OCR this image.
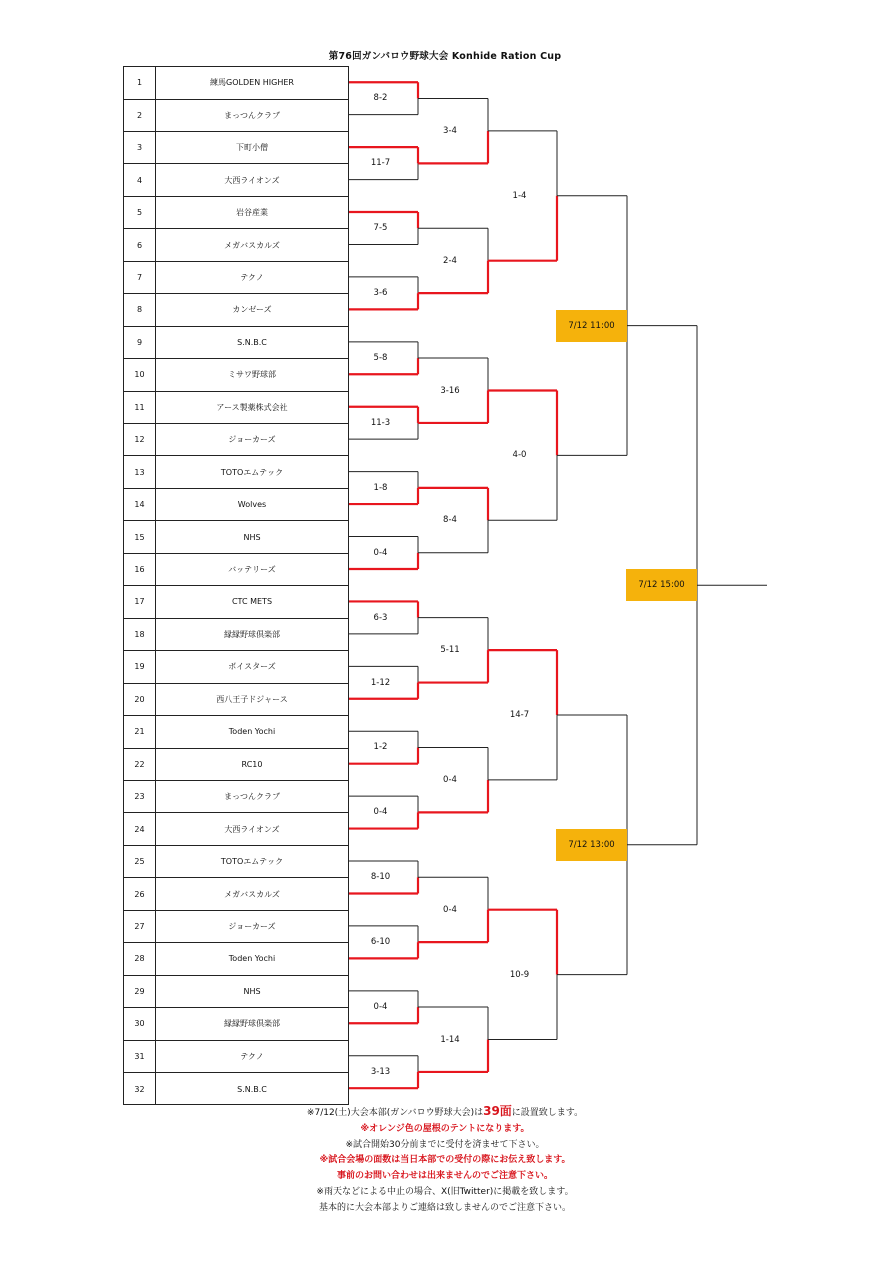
第76回ガンバロウ野球大会 Konhide Ration Cup
1	練馬GOLDEN HIGHER
2	まっつんクラブ
3	下町小僧
4	大西ライオンズ
5	岩谷産業
6	メガバスカルズ
7	テクノ
8	カンゼーズ
9	S.N.B.C
10	ミサワ野球部
11	アース製薬株式会社
12	ジョーカーズ
13	TOTOエムテック
14	Wolves
15	NHS
16	バッテリーズ
17	CTC METS
18	縁縁野球倶楽部
19	ボイスターズ
20	西八王子ドジャース
21	Toden Yochi
22	RC10
23	まっつんクラブ
24	大西ライオンズ
25	TOTOエムテック
26	メガバスカルズ
27	ジョーカーズ
28	Toden Yochi
29	NHS
30	縁縁野球倶楽部
31	テクノ
32	S.N.B.C
8-2
11-7
7-5
3-6
5-8
11-3
1-8
0-4
6-3
1-12
1-2
0-4
8-10
6-10
0-4
3-13
3-4
2-4
3-16
8-4
5-11
0-4
0-4
1-14
1-4
4-0
14-7
10-9
7/12 11:00
7/12 13:00
7/12 15:00
※7/12(土)大会本部(ガンバロウ野球大会)は39面に設置致します。
※オレンジ色の屋根のテントになります。
※試合開始30分前までに受付を済ませて下さい。
※試合会場の面数は当日本部での受付の際にお伝え致します。
事前のお問い合わせは出来ませんのでご注意下さい。
※雨天などによる中止の場合、X(旧Twitter)に掲載を致します。
基本的に大会本部よりご連絡は致しませんのでご注意下さい。
